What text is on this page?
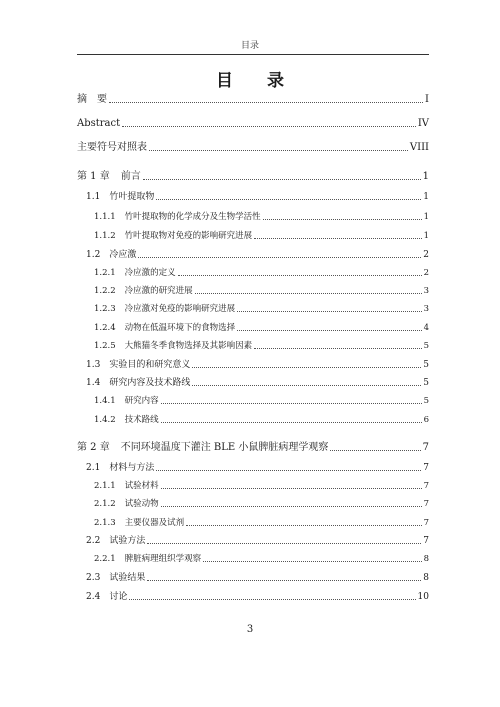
目录
目 录
摘　要	I
Abstract	IV
主要符号对照表	VIII
第 1 章 前言	1
1.1 竹叶提取物	1
1.1.1 竹叶提取物的化学成分及生物学活性	1
1.1.2 竹叶提取物对免疫的影响研究进展	1
1.2 冷应激	2
1.2.1 冷应激的定义	2
1.2.2 冷应激的研究进展	3
1.2.3 冷应激对免疫的影响研究进展	3
1.2.4 动物在低温环境下的食物选择	4
1.2.5 大熊猫冬季食物选择及其影响因素	5
1.3 实验目的和研究意义	5
1.4 研究内容及技术路线	5
1.4.1 研究内容	5
1.4.2 技术路线	6
第 2 章 不同环境温度下灌注 BLE 小鼠脾脏病理学观察	7
2.1 材料与方法	7
2.1.1 试验材料	7
2.1.2 试验动物	7
2.1.3 主要仪器及试剂	7
2.2 试验方法	7
2.2.1 脾脏病理组织学观察	8
2.3 试验结果	8
2.4 讨论	10
3
